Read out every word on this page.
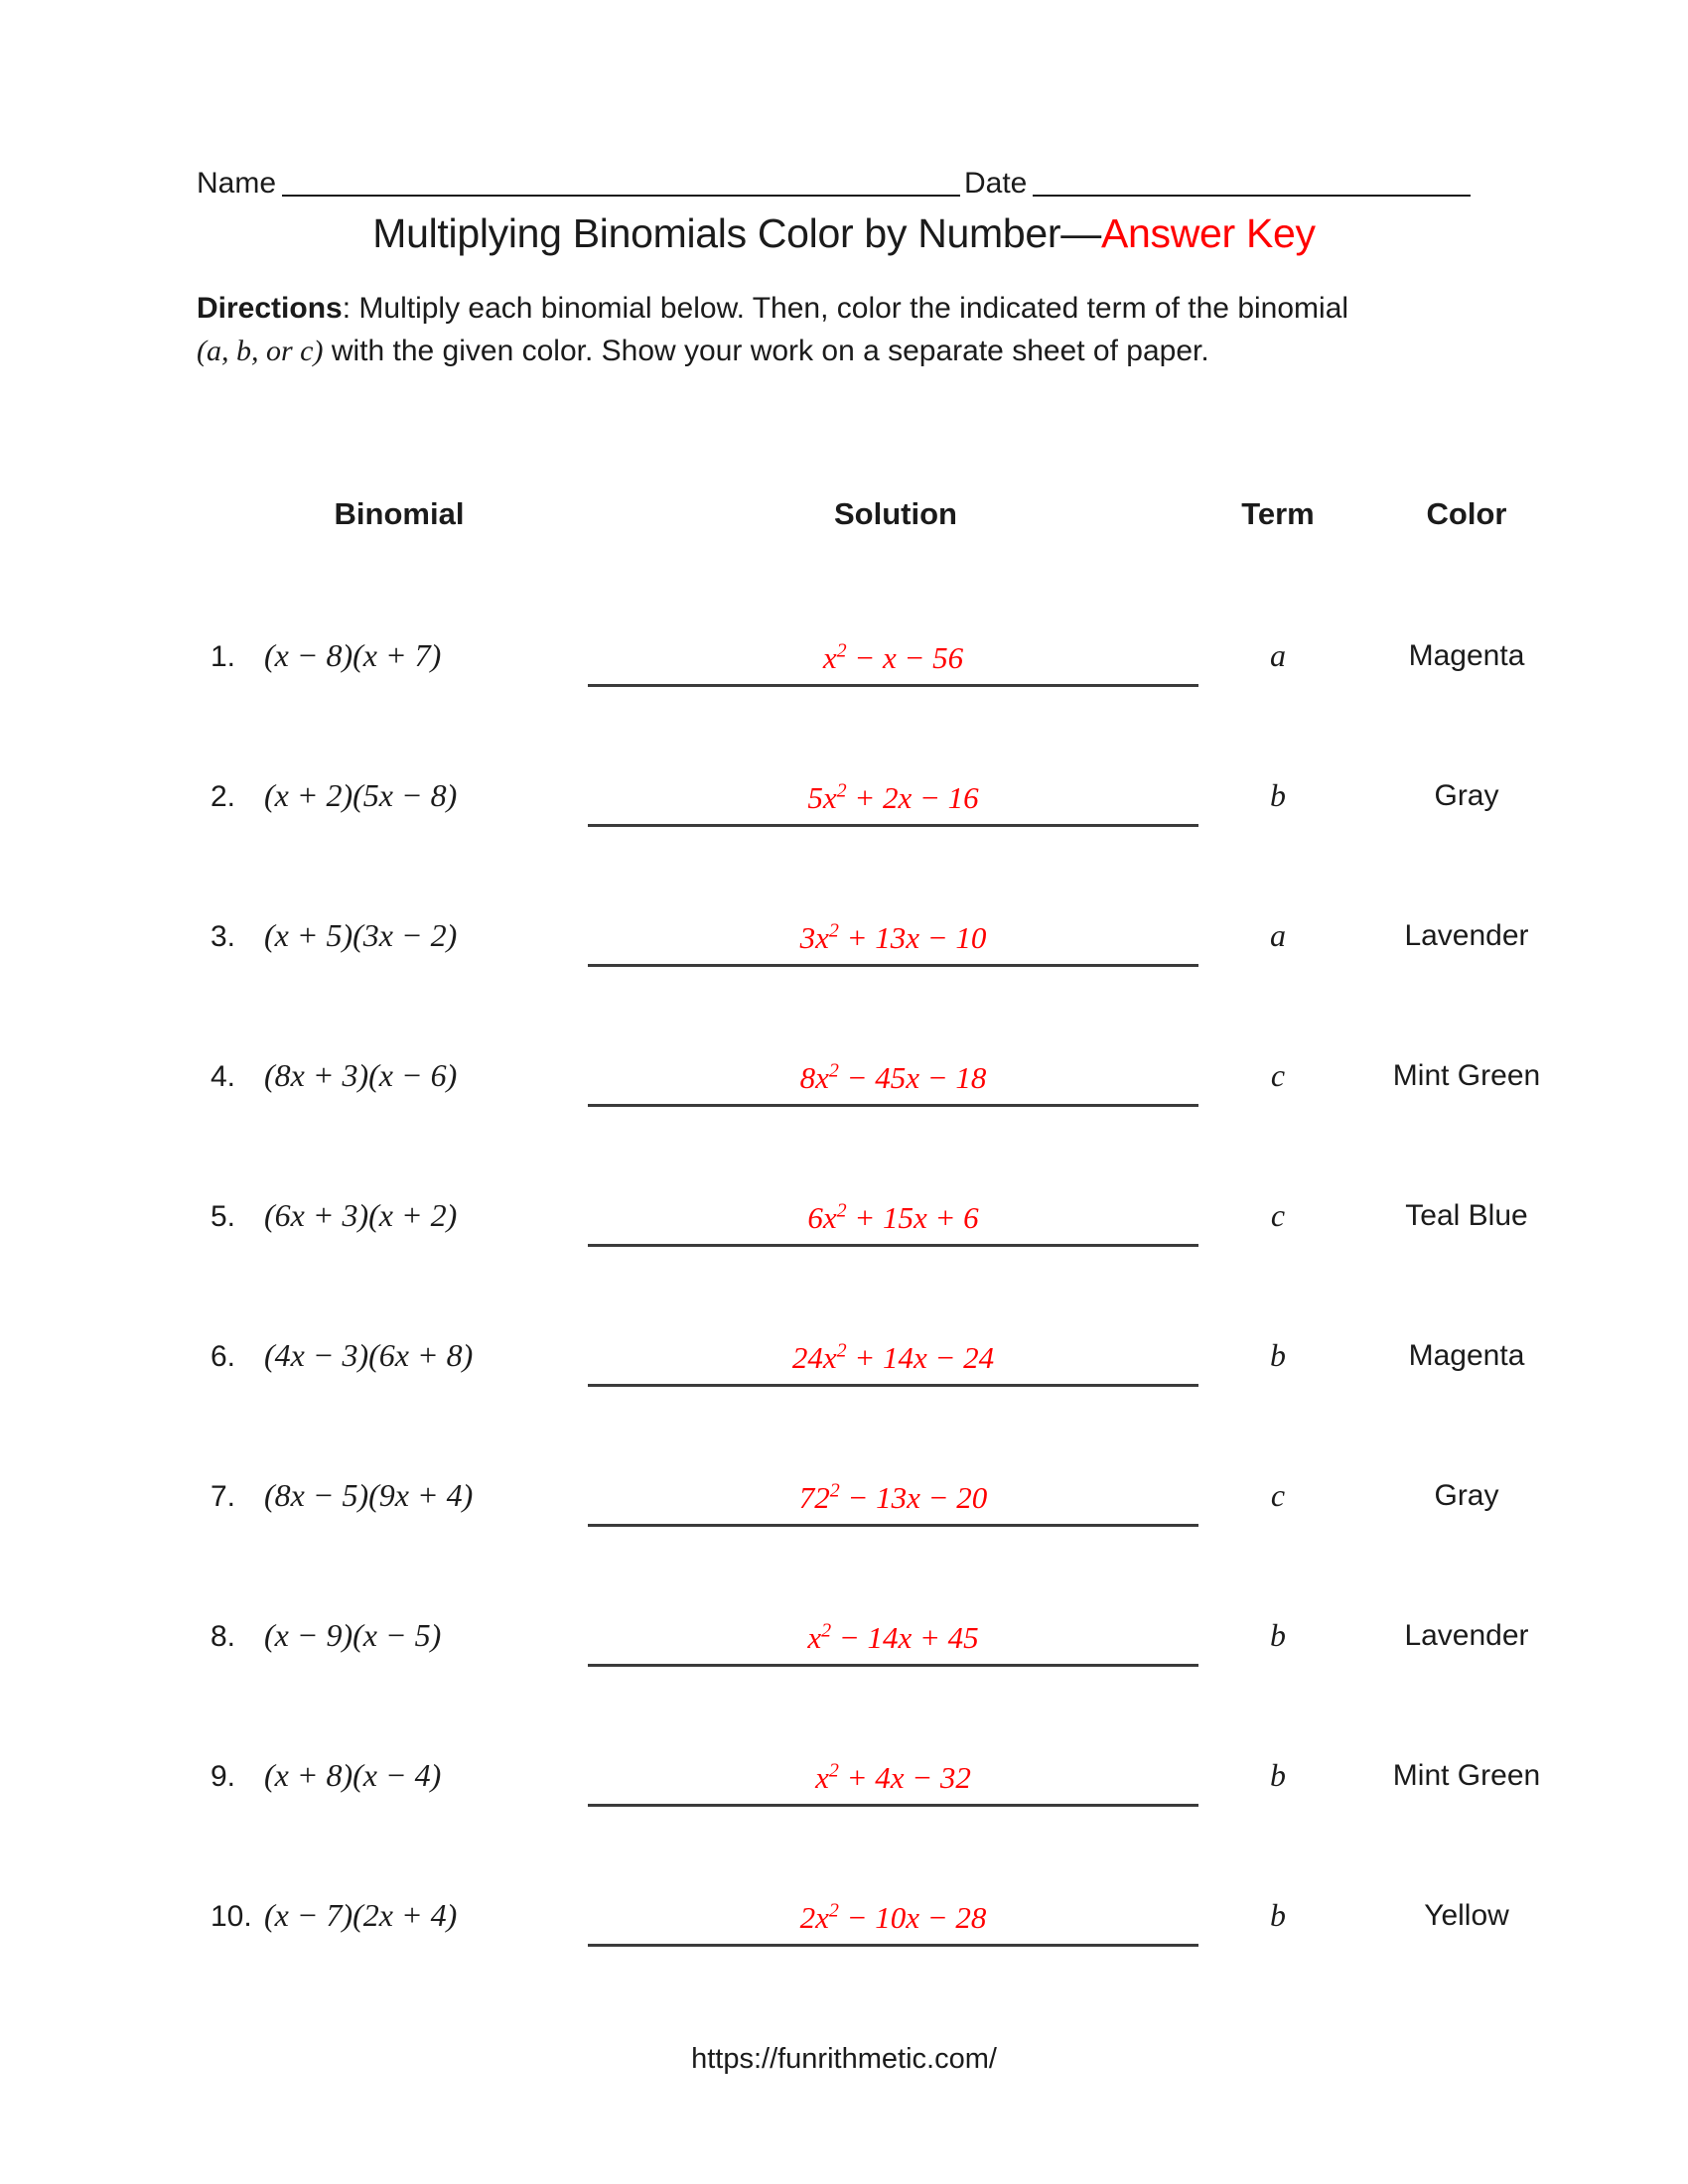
Name	Date
Multiplying Binomials Color by Number—Answer Key
Directions: Multiply each binomial below. Then, color the indicated term of the binomial
(a, b, or c) with the given color. Show your work on a separate sheet of paper.
Binomial	Solution	Term	Color
1. (x − 8)(x + 7)	$x^2 - x - 56$	a	Magenta
2. (x + 2)(5x − 8)	$5x^2 + 2x - 16$	b	Gray
3. (x + 5)(3x − 2)	$3x^2 + 13x - 10$	a	Lavender
4. (8x + 3)(x − 6)	$8x^2 - 45x - 18$	c	Mint Green
5. (6x + 3)(x + 2)	$6x^2 + 15x + 6$	c	Teal Blue
6. (4x − 3)(6x + 8)	$24x^2 + 14x - 24$	b	Magenta
7. (8x − 5)(9x + 4)	$72^2 - 13x - 20$	c	Gray
8. (x − 9)(x − 5)	$x^2 - 14x + 45$	b	Lavender
9. (x + 8)(x − 4)	$x^2 + 4x - 32$	b	Mint Green
10. (x − 7)(2x + 4)	$2x^2 - 10x - 28$	b	Yellow
https://funrithmetic.com/
